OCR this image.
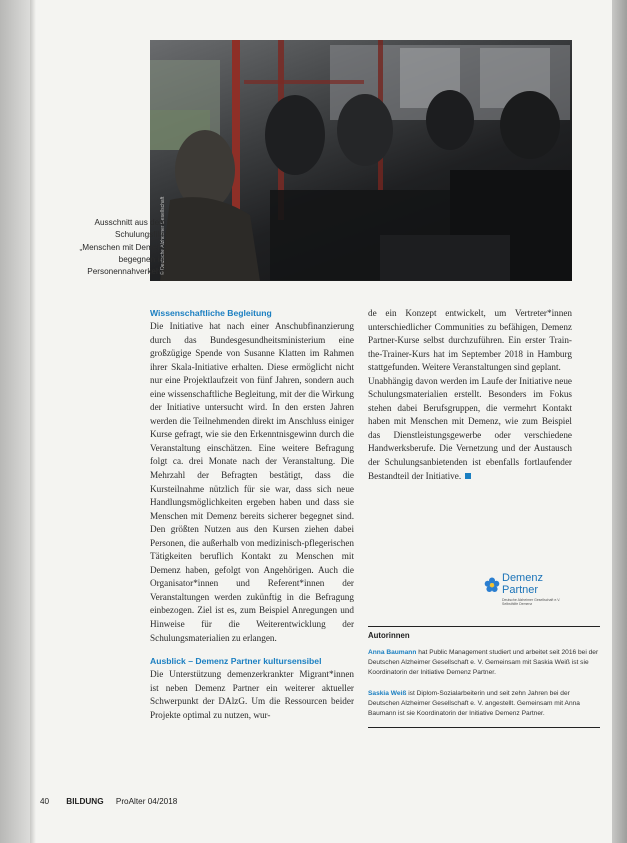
© Deutsche Alzheimer Gesellschaft
Ausschnitt aus dem
Schulungsfilm
„Menschen mit Demenz
begegnen im
Personennahverkehr“
Wissenschaftliche Begleitung

Die Initiative hat nach einer Anschubfinanzierung durch das Bundesgesundheitsministerium eine großzügige Spende von Susanne Klatten im Rahmen ihrer Skala-Initiative erhalten. Diese ermöglicht nicht nur eine Projektlaufzeit von fünf Jahren, sondern auch eine wissenschaftliche Begleitung, mit der die Wirkung der Initiative untersucht wird. In den ersten Jahren werden die Teilnehmenden direkt im Anschluss einiger Kurse gefragt, wie sie den Erkenntnisgewinn durch die Veranstaltung einschätzen. Eine weitere Befragung folgt ca. drei Monate nach der Veranstaltung. Die Mehrzahl der Befragten bestätigt, dass die Kursteilnahme nützlich für sie war, dass sich neue Handlungsmöglichkeiten ergeben haben und dass sie Menschen mit Demenz bereits sicherer begegnet sind. Den größten Nutzen aus den Kursen ziehen dabei Personen, die außerhalb von medizinisch-pflegerischen Tätigkeiten beruflich Kontakt zu Menschen mit Demenz haben, gefolgt von Angehörigen. Auch die Organisator*innen und Referent*innen der Veranstaltungen werden zukünftig in die Befragung einbezogen. Ziel ist es, zum Beispiel Anregungen und Hinweise für die Weiterentwicklung der Schulungsmaterialien zu erlangen.

Ausblick – Demenz Partner kultursensibel

Die Unterstützung demenzerkrankter Migrant*innen ist neben Demenz Partner ein weiterer aktueller Schwerpunkt der DAlzG. Um die Ressourcen beider Projekte optimal zu nutzen, wur-

de ein Konzept entwickelt, um Vertreter*innen unterschiedlicher Communities zu befähigen, Demenz Partner-Kurse selbst durchzuführen. Ein erster Train-the-Trainer-Kurs hat im September 2018 in Hamburg stattgefunden. Weitere Veranstaltungen sind geplant.

Unabhängig davon werden im Laufe der Initiative neue Schulungsmaterialien erstellt. Besonders im Fokus stehen dabei Berufsgruppen, die vermehrt Kontakt haben mit Menschen mit Demenz, wie zum Beispiel das Dienstleistungsgewerbe oder verschiedene Handwerksberufe. Die Vernetzung und der Austausch der Schulungsanbietenden ist ebenfalls fortlaufender Bestandteil der Initiative.

Demenz
Partner
Deutsche Alzheimer Gesellschaft e.V. Selbsthilfe Demenz
Autorinnen

Anna Baumann hat Public Management studiert und arbeitet seit 2016 bei der Deutschen Alzheimer Gesellschaft e. V. Gemeinsam mit Saskia Weiß ist sie Koordinatorin der Initiative Demenz Partner.

Saskia Weiß ist Diplom-Sozialarbeiterin und seit zehn Jahren bei der Deutschen Alzheimer Gesellschaft e. V. angestellt. Gemeinsam mit Anna Baumann ist sie Koordinatorin der Initiative Demenz Partner.

40 BILDUNG ProAlter 04/2018
